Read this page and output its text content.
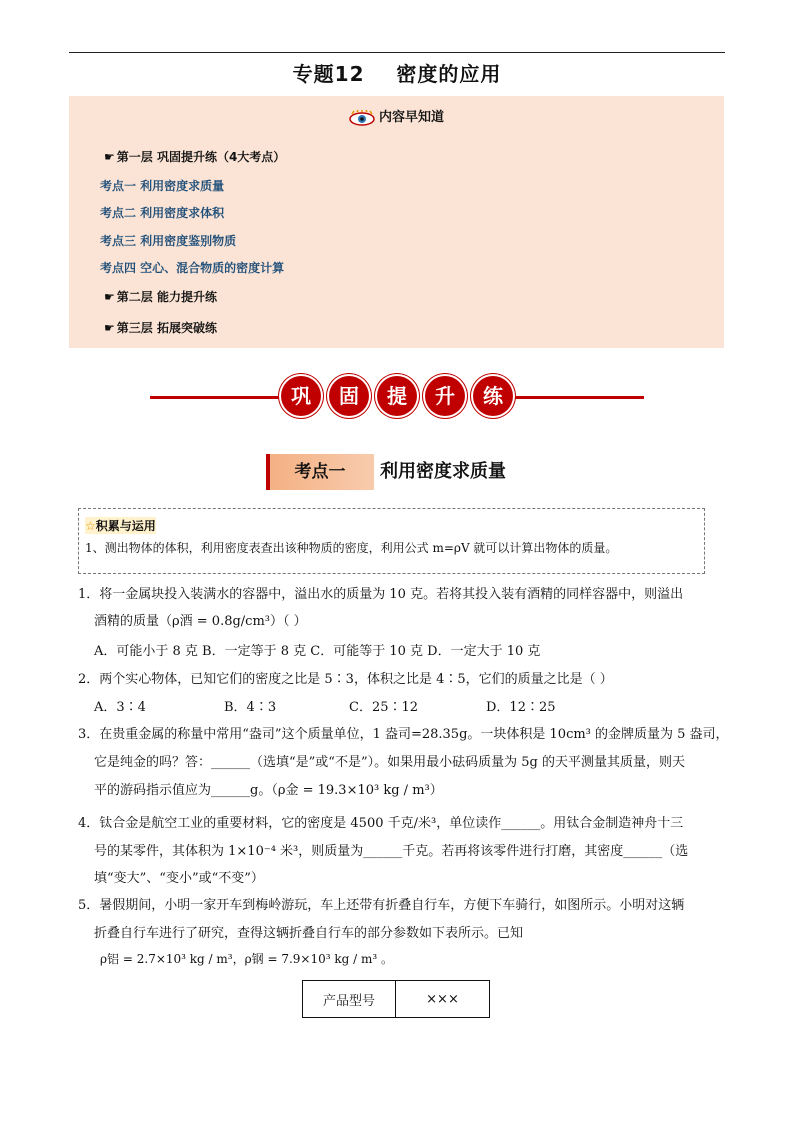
专题12    密度的应用
内容早知道
☛ 第一层 巩固提升练（4大考点）
考点一 利用密度求质量
考点二 利用密度求体积
考点三 利用密度鉴别物质
考点四 空心、混合物质的密度计算
☛ 第二层 能力提升练
☛ 第三层 拓展突破练
巩 固 提 升 练
考点一	利用密度求质量
☆积累与运用
1、测出物体的体积，利用密度表查出该种物质的密度，利用公式 m=ρV 就可以计算出物体的质量。
1．将一金属块投入装满水的容器中，溢出水的质量为 10 克。若将其投入装有酒精的同样容器中，则溢出
酒精的质量（ρ酒 = 0.8g/cm³）（ ）
A．可能小于 8 克 B．一定等于 8 克 C．可能等于 10 克 D．一定大于 10 克
2．两个实心物体，已知它们的密度之比是 5∶3，体积之比是 4∶5，它们的质量之比是（ ）
A．3∶4	B．4∶3	C．25∶12	D．12∶25
3．在贵重金属的称量中常用“盎司”这个质量单位，1 盎司=28.35g。一块体积是 10cm³ 的金牌质量为 5 盎司，
它是纯金的吗？答：______（选填“是”或“不是”）。如果用最小砝码质量为 5g 的天平测量其质量，则天
平的游码指示值应为______g。（ρ金 = 19.3×10³ kg / m³）
4．钛合金是航空工业的重要材料，它的密度是 4500 千克/米³，单位读作______。用钛合金制造神舟十三
号的某零件，其体积为 1×10⁻⁴ 米³，则质量为______千克。若再将该零件进行打磨，其密度______（选
填“变大”、“变小”或“不变”）
5．暑假期间，小明一家开车到梅岭游玩，车上还带有折叠自行车，方便下车骑行，如图所示。小明对这辆
折叠自行车进行了研究，查得这辆折叠自行车的部分参数如下表所示。已知
ρ铝 = 2.7×10³ kg / m³，ρ钢 = 7.9×10³ kg / m³ 。
产品型号	×××
